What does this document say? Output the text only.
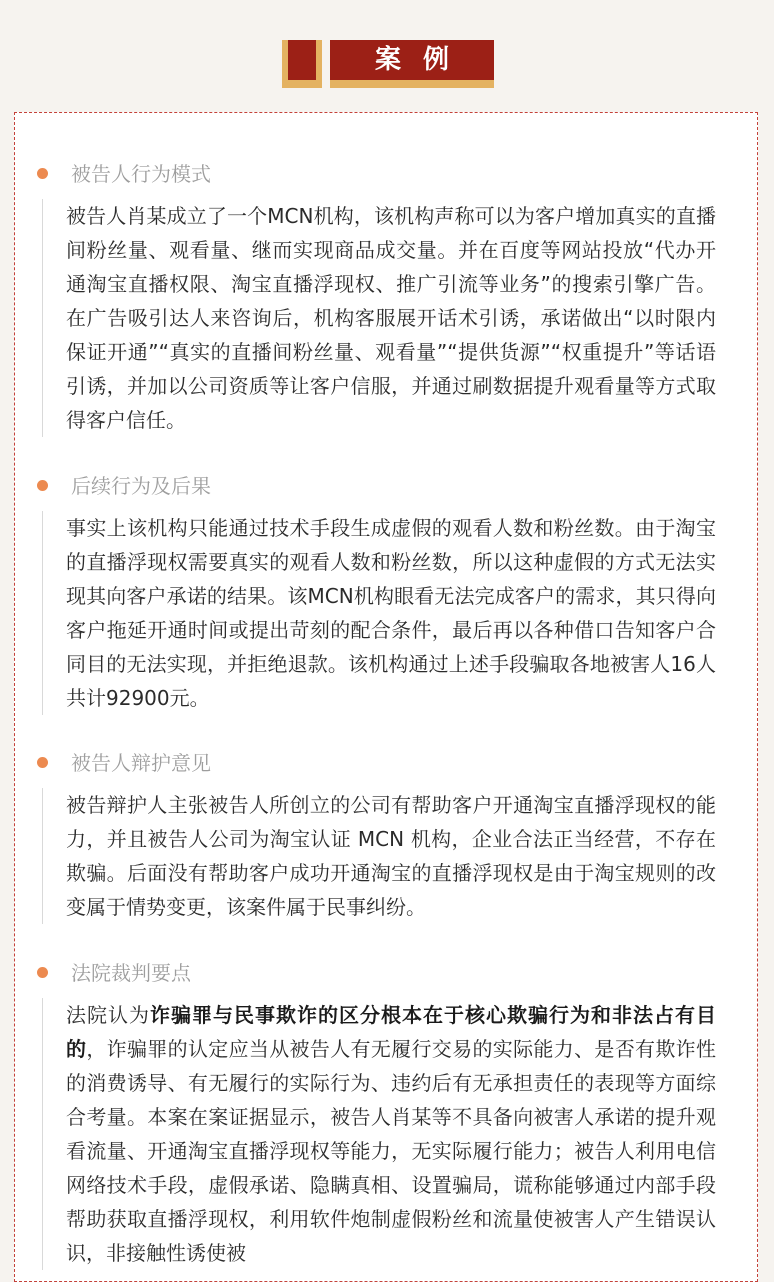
案例
被告人行为模式

被告人肖某成立了一个MCN机构，该机构声称可以为客户增加真实的直播间粉丝量、观看量、继而实现商品成交量。并在百度等网站投放“代办开通淘宝直播权限、淘宝直播浮现权、推广引流等业务”的搜索引擎广告。在广告吸引达人来咨询后，机构客服展开话术引诱，承诺做出“以时限内保证开通”“真实的直播间粉丝量、观看量”“提供货源”“权重提升”等话语引诱，并加以公司资质等让客户信服，并通过刷数据提升观看量等方式取得客户信任。

后续行为及后果

事实上该机构只能通过技术手段生成虚假的观看人数和粉丝数。由于淘宝的直播浮现权需要真实的观看人数和粉丝数，所以这种虚假的方式无法实现其向客户承诺的结果。该MCN机构眼看无法完成客户的需求，其只得向客户拖延开通时间或提出苛刻的配合条件，最后再以各种借口告知客户合同目的无法实现，并拒绝退款。该机构通过上述手段骗取各地被害人16人共计92900元。

被告人辩护意见

被告辩护人主张被告人所创立的公司有帮助客户开通淘宝直播浮现权的能力，并且被告人公司为淘宝认证 MCN 机构，企业合法正当经营，不存在欺骗。后面没有帮助客户成功开通淘宝的直播浮现权是由于淘宝规则的改变属于情势变更，该案件属于民事纠纷。

法院裁判要点

法院认为诈骗罪与民事欺诈的区分根本在于核心欺骗行为和非法占有目的，诈骗罪的认定应当从被告人有无履行交易的实际能力、是否有欺诈性的消费诱导、有无履行的实际行为、违约后有无承担责任的表现等方面综合考量。本案在案证据显示，被告人肖某等不具备向被害人承诺的提升观看流量、开通淘宝直播浮现权等能力，无实际履行能力；被告人利用电信网络技术手段，虚假承诺、隐瞒真相、设置骗局，谎称能够通过内部手段帮助获取直播浮现权，利用软件炮制虚假粉丝和流量使被害人产生错误认识，非接触性诱使被
